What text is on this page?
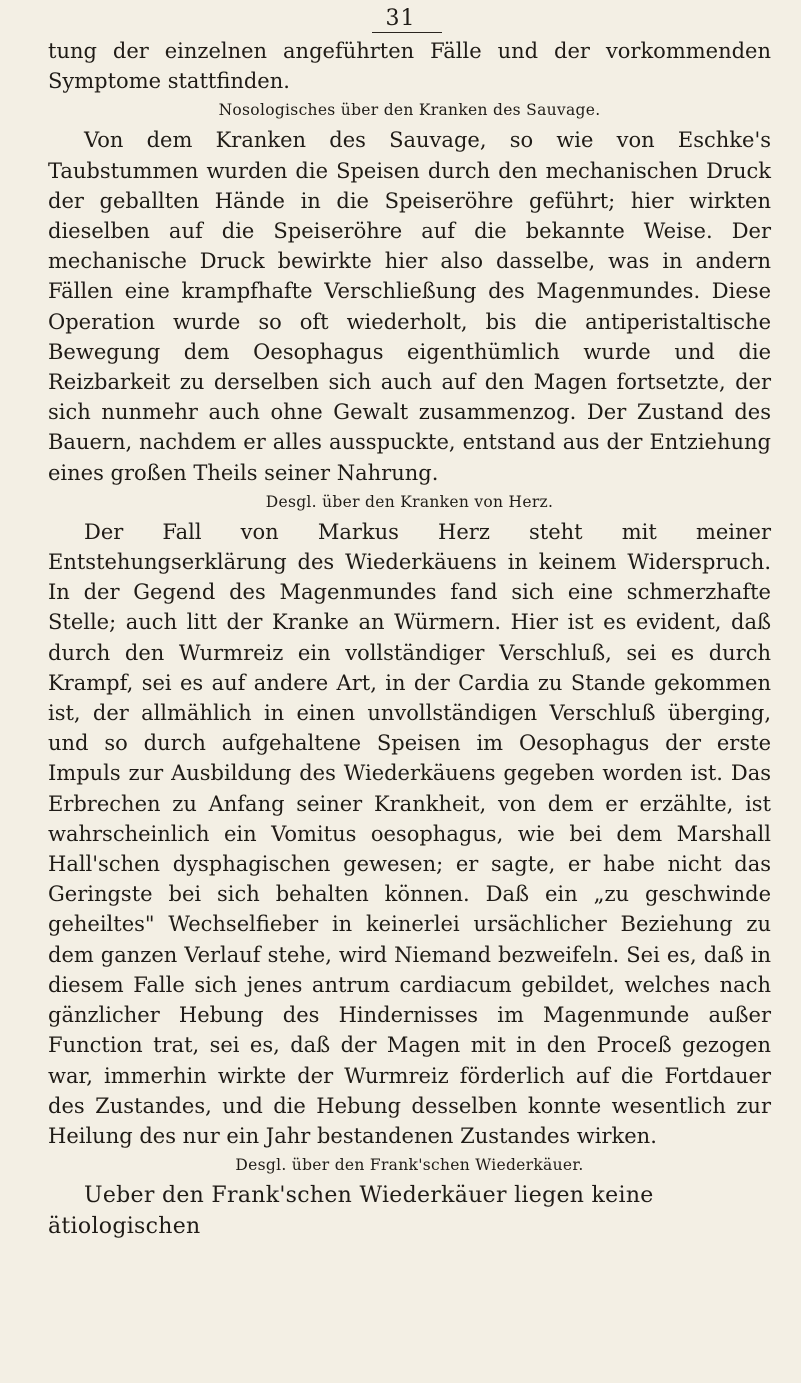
31

tung der einzelnen angeführten Fälle und der vorkommenden Symptome stattfinden.

Nosologisches über den Kranken des Sauvage.

Von dem Kranken des Sauvage, so wie von Eschke's Taubstummen wurden die Speisen durch den mechanischen Druck der geballten Hände in die Speiseröhre geführt; hier wirkten dieselben auf die Speiseröhre auf die bekannte Weise. Der mechanische Druck bewirkte hier also dasselbe, was in andern Fällen eine krampfhafte Verschließung des Magenmundes. Diese Operation wurde so oft wiederholt, bis die antiperistaltische Bewegung dem Oesophagus eigenthümlich wurde und die Reizbarkeit zu derselben sich auch auf den Magen fortsetzte, der sich nunmehr auch ohne Gewalt zusammenzog. Der Zustand des Bauern, nachdem er alles ausspuckte, entstand aus der Entziehung eines großen Theils seiner Nahrung.

Desgl. über den Kranken von Herz.

Der Fall von Markus Herz steht mit meiner Entstehungserklärung des Wiederkäuens in keinem Widerspruch. In der Gegend des Magenmundes fand sich eine schmerzhafte Stelle; auch litt der Kranke an Würmern. Hier ist es evident, daß durch den Wurmreiz ein vollständiger Verschluß, sei es durch Krampf, sei es auf andere Art, in der Cardia zu Stande gekommen ist, der allmählich in einen unvollständigen Verschluß überging, und so durch aufgehaltene Speisen im Oesophagus der erste Impuls zur Ausbildung des Wiederkäuens gegeben worden ist. Das Erbrechen zu Anfang seiner Krankheit, von dem er erzählte, ist wahrscheinlich ein Vomitus oesophagus, wie bei dem Marshall Hall'schen dysphagischen gewesen; er sagte, er habe nicht das Geringste bei sich behalten können. Daß ein „zu geschwinde geheiltes" Wechselfieber in keinerlei ursächlicher Beziehung zu dem ganzen Verlauf stehe, wird Niemand bezweifeln. Sei es, daß in diesem Falle sich jenes antrum cardiacum gebildet, welches nach gänzlicher Hebung des Hindernisses im Magenmunde außer Function trat, sei es, daß der Magen mit in den Proceß gezogen war, immerhin wirkte der Wurmreiz förderlich auf die Fortdauer des Zustandes, und die Hebung desselben konnte wesentlich zur Heilung des nur ein Jahr bestandenen Zustandes wirken.

Desgl. über den Frank'schen Wiederkäuer.

Ueber den Frank'schen Wiederkäuer liegen keine ätiologischen
